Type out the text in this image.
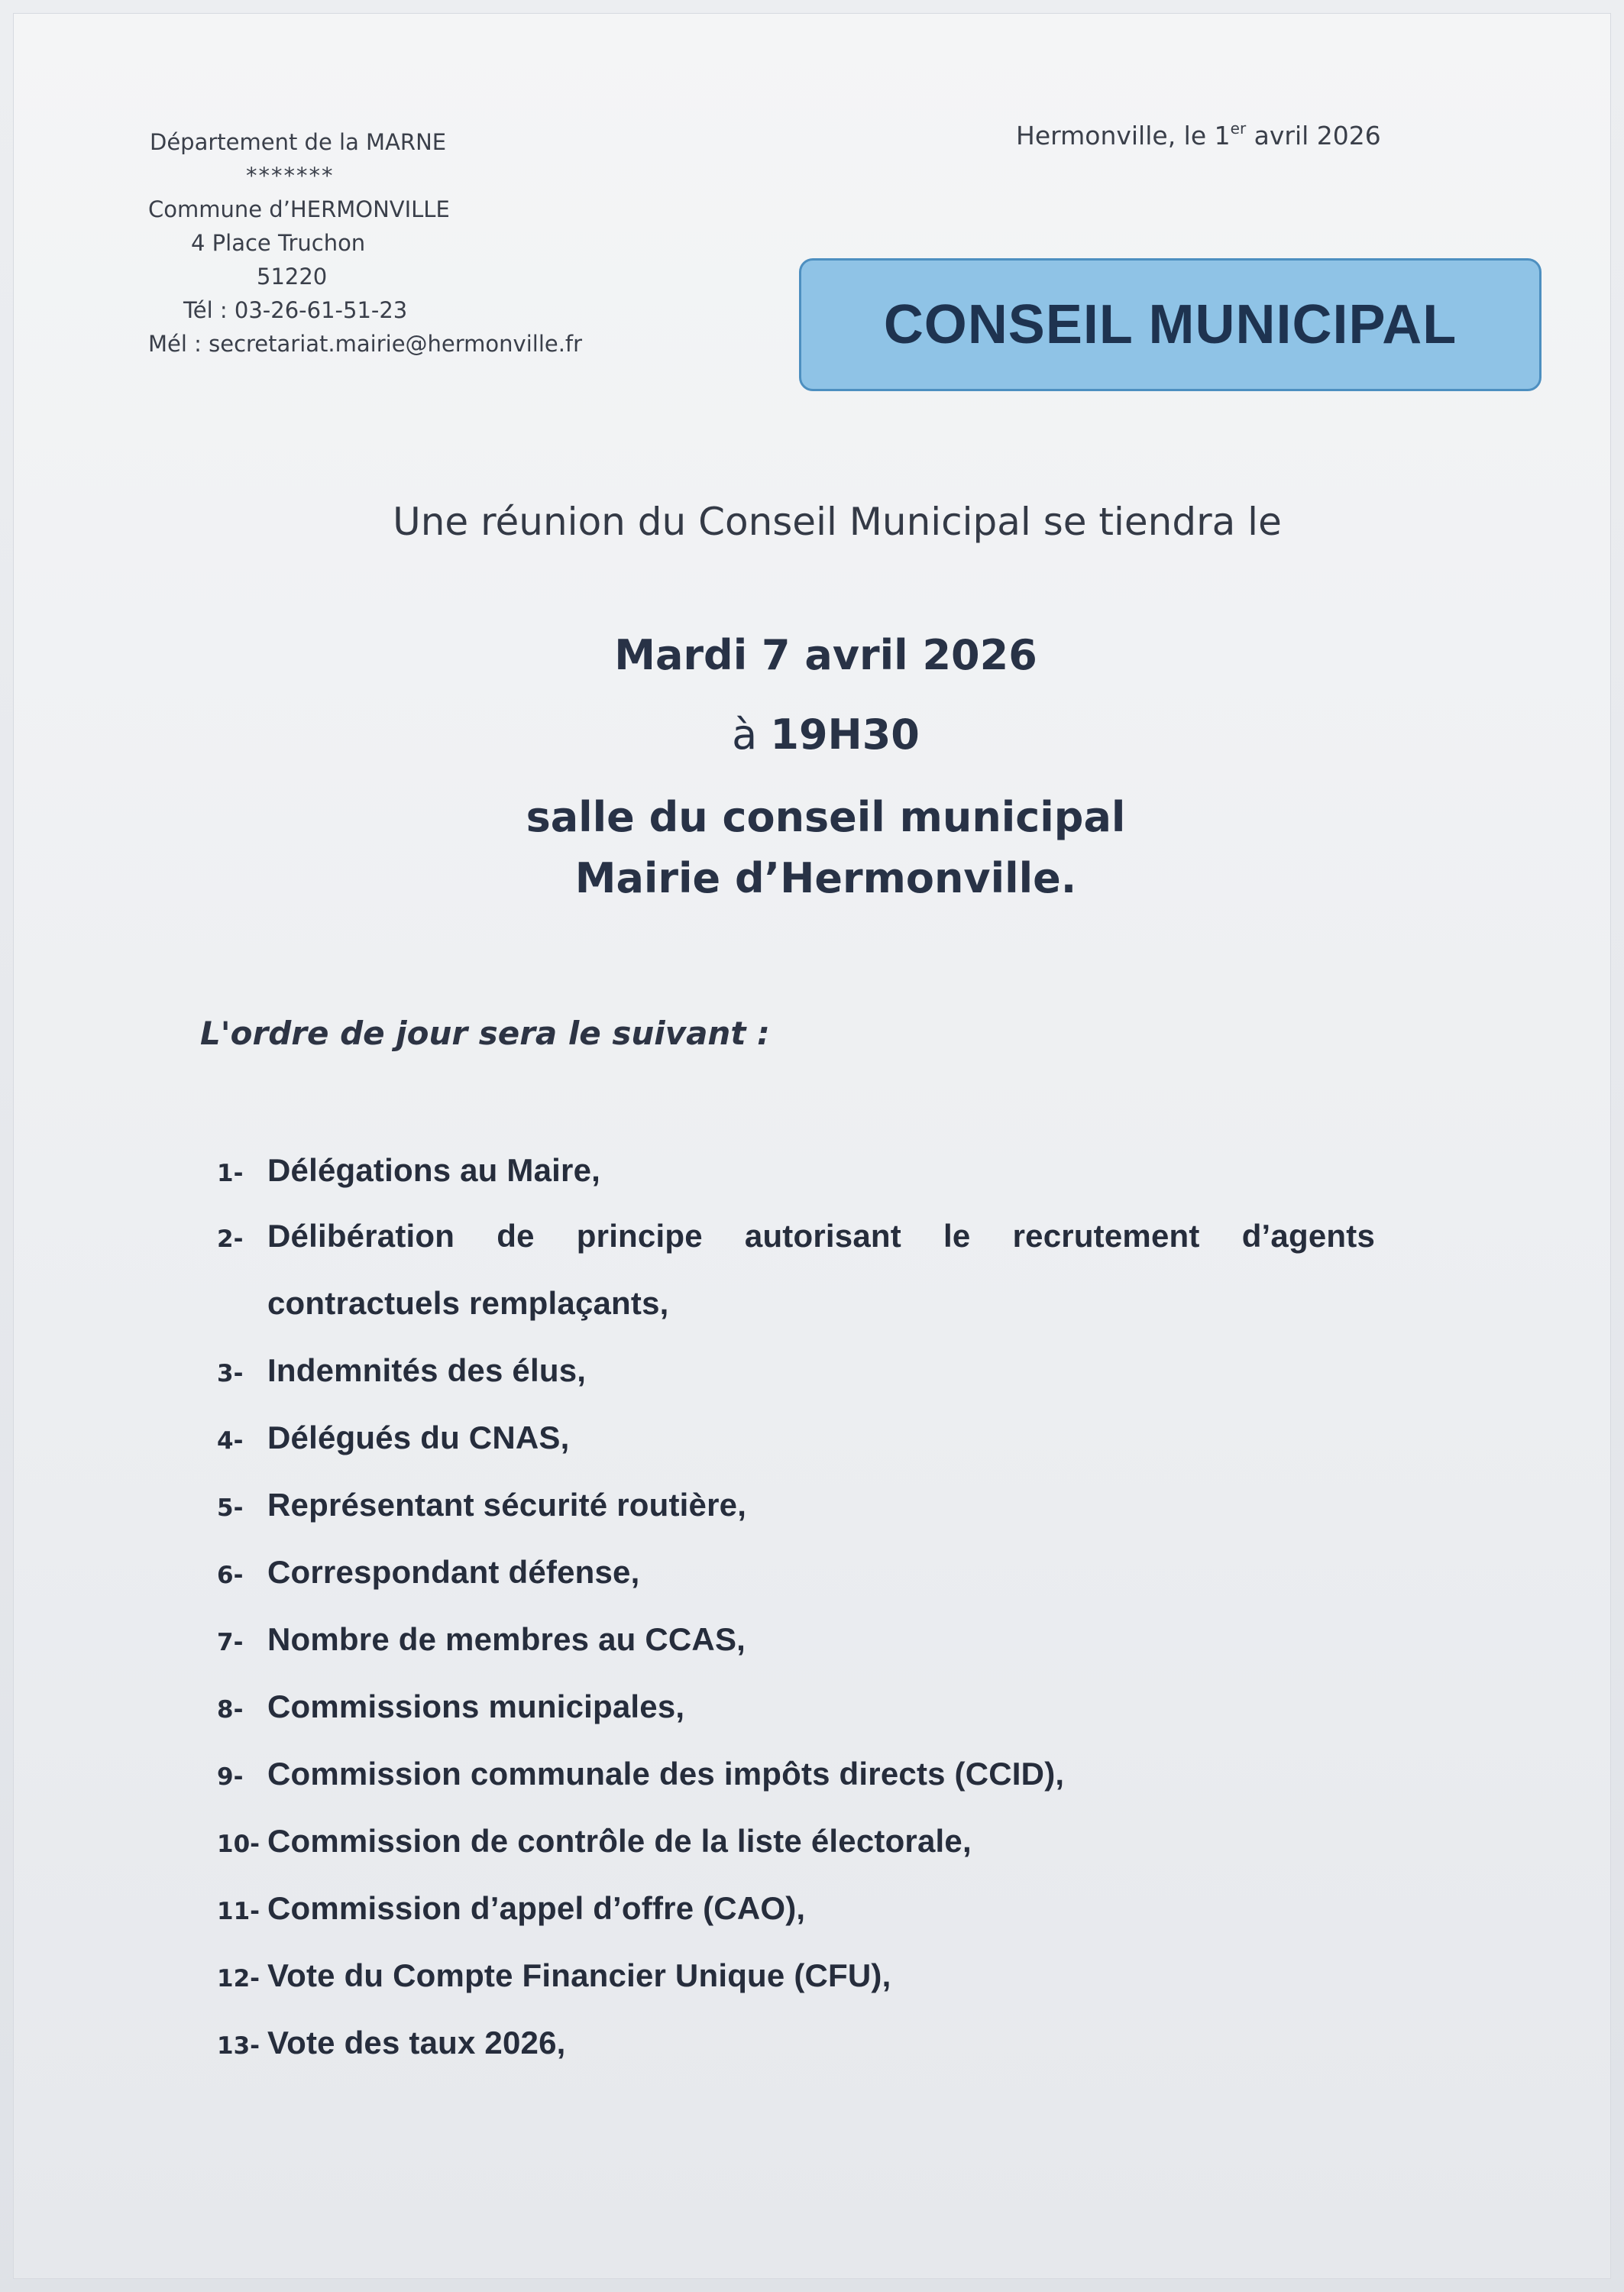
Département de la MARNE
*******
Commune d’HERMONVILLE
4 Place Truchon
51220
Tél : 03-26-61-51-23
Mél : secretariat.mairie@hermonville.fr
Hermonville, le 1er avril 2026
CONSEIL MUNICIPAL
Une réunion du Conseil Municipal se tiendra le
Mardi 7 avril 2026
à 19H30
salle du conseil municipal
Mairie d’Hermonville.
L'ordre de jour sera le suivant :
1- Délégations au Maire,
2- Délibération de principe autorisant le recrutement d’agents contractuels remplaçants,
3- Indemnités des élus,
4- Délégués du CNAS,
5- Représentant sécurité routière,
6- Correspondant défense,
7- Nombre de membres au CCAS,
8- Commissions municipales,
9- Commission communale des impôts directs (CCID),
10- Commission de contrôle de la liste électorale,
11- Commission d’appel d’offre (CAO),
12- Vote du Compte Financier Unique (CFU),
13- Vote des taux 2026,
